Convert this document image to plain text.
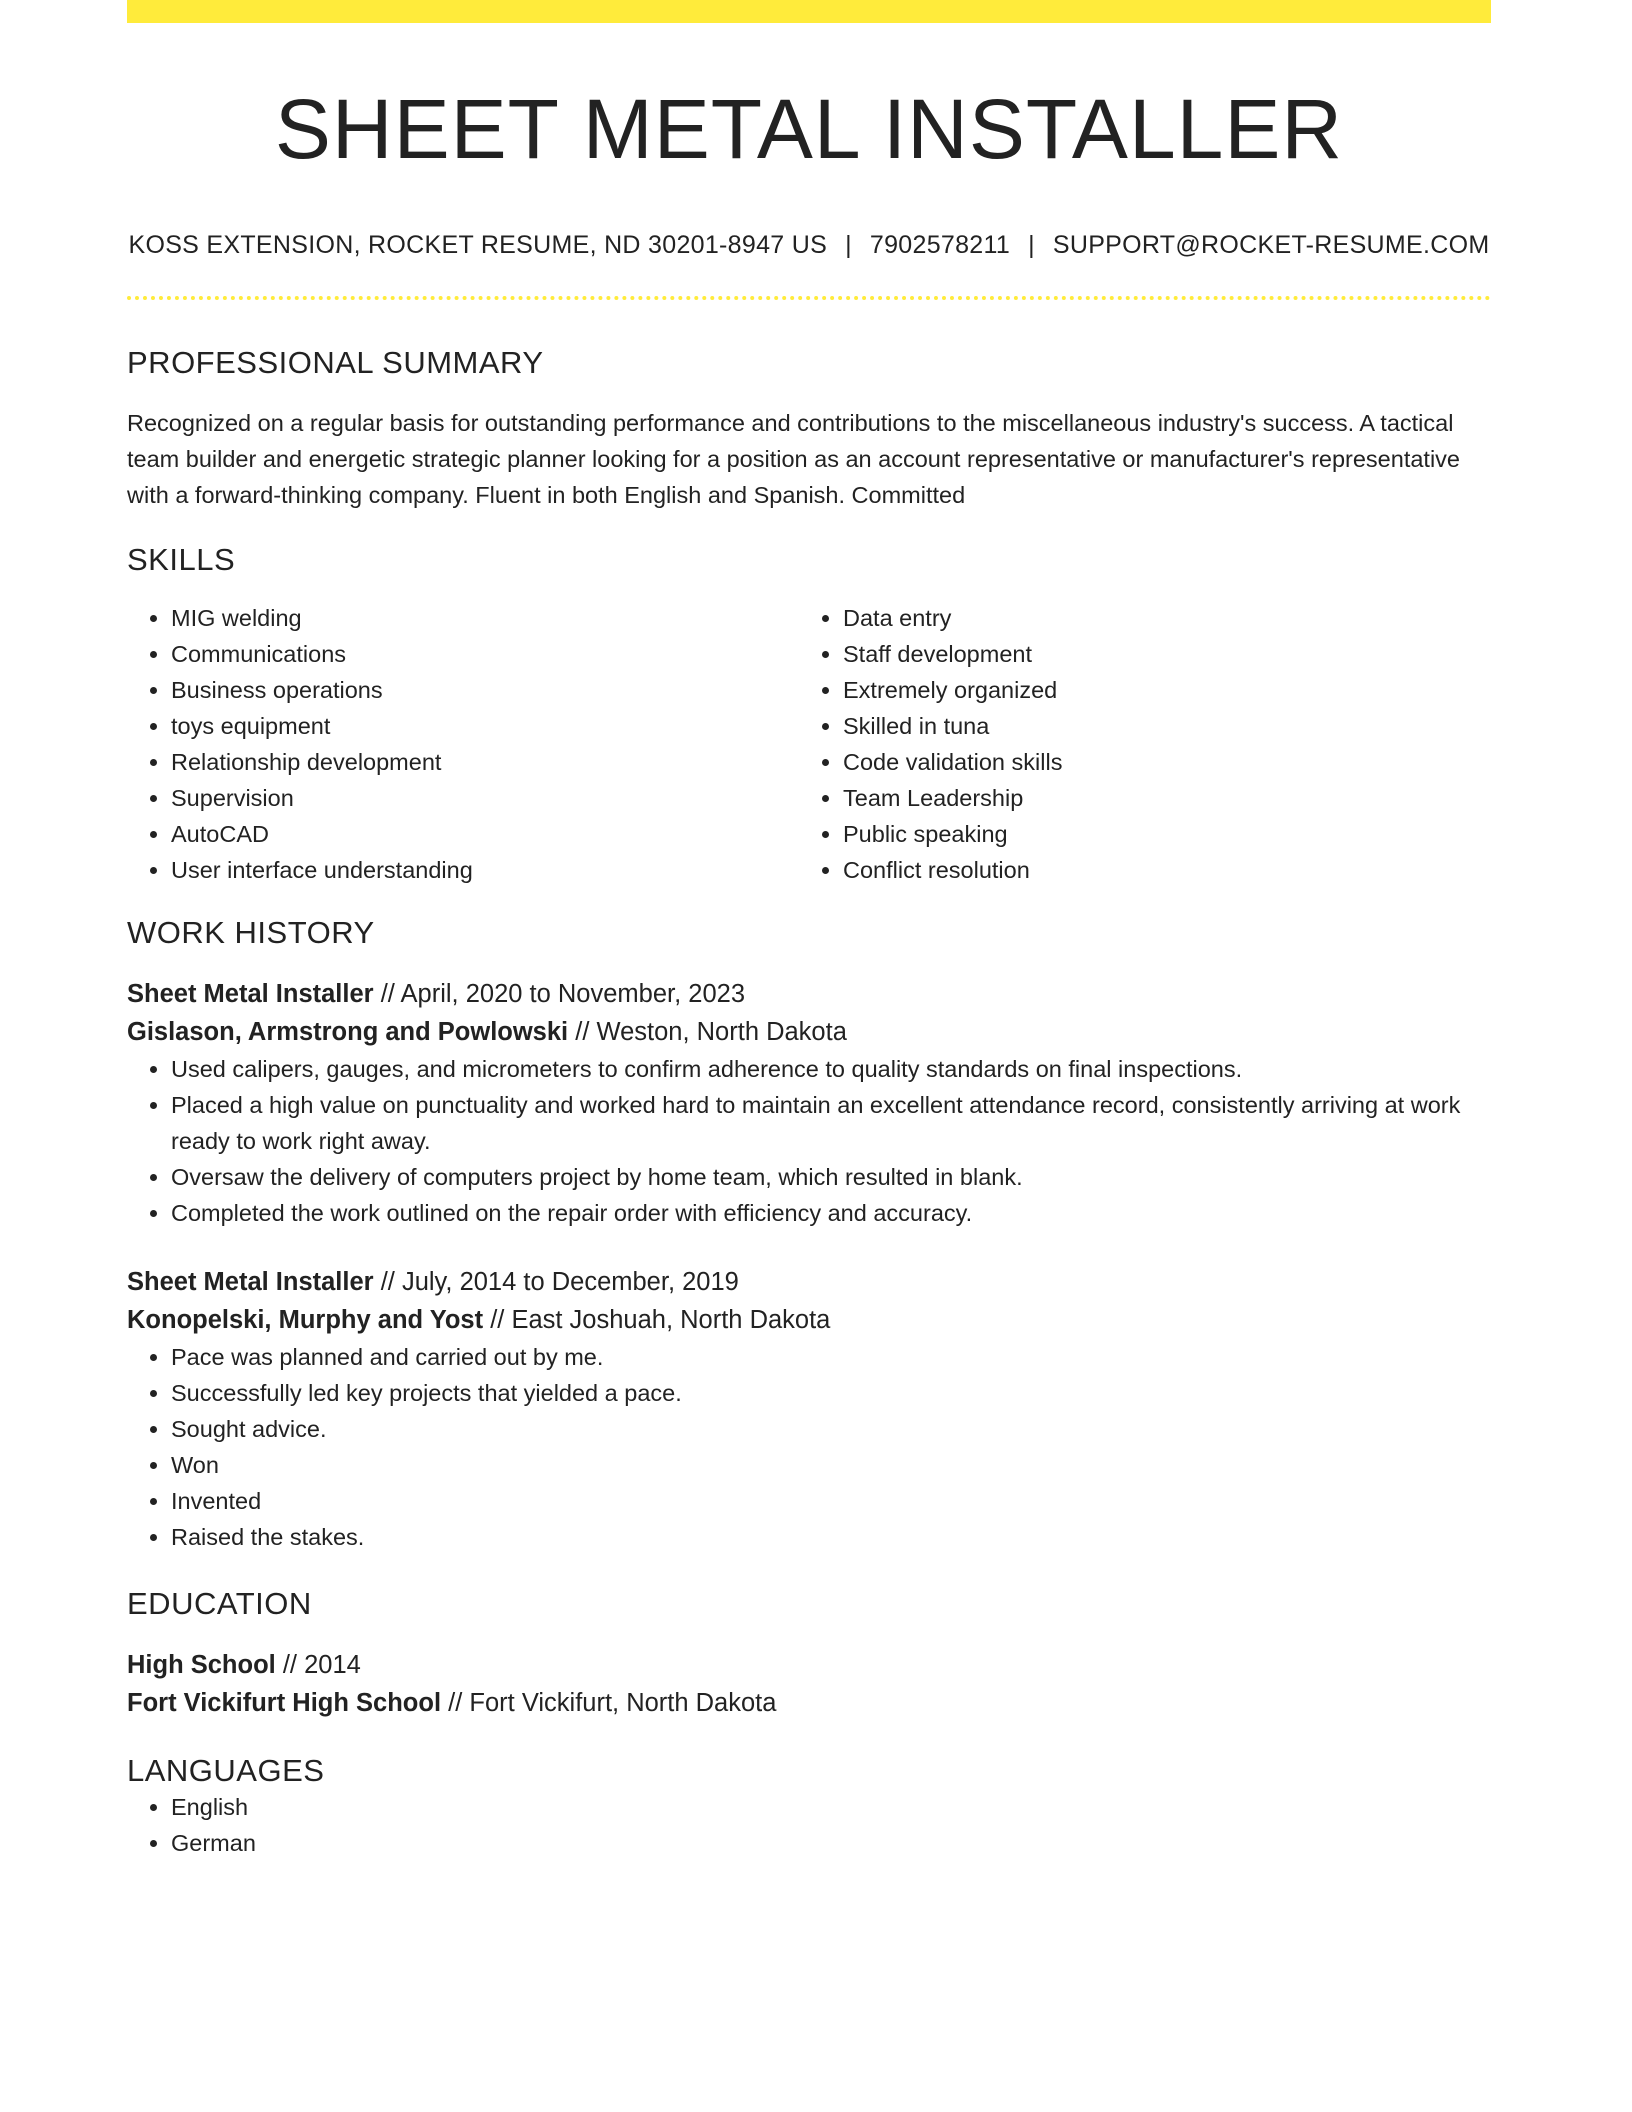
SHEET METAL INSTALLER
KOSS EXTENSION, ROCKET RESUME, ND 30201-8947 US | 7902578211 | SUPPORT@ROCKET-RESUME.COM
PROFESSIONAL SUMMARY
Recognized on a regular basis for outstanding performance and contributions to the miscellaneous industry's success. A tactical team builder and energetic strategic planner looking for a position as an account representative or manufacturer's representative with a forward-thinking company. Fluent in both English and Spanish. Committed
SKILLS
• MIG welding
• Communications
• Business operations
• toys equipment
• Relationship development
• Supervision
• AutoCAD
• User interface understanding
• Data entry
• Staff development
• Extremely organized
• Skilled in tuna
• Code validation skills
• Team Leadership
• Public speaking
• Conflict resolution
WORK HISTORY
Sheet Metal Installer // April, 2020 to November, 2023
Gislason, Armstrong and Powlowski // Weston, North Dakota
• Used calipers, gauges, and micrometers to confirm adherence to quality standards on final inspections.
• Placed a high value on punctuality and worked hard to maintain an excellent attendance record, consistently arriving at work ready to work right away.
• Oversaw the delivery of computers project by home team, which resulted in blank.
• Completed the work outlined on the repair order with efficiency and accuracy.
Sheet Metal Installer // July, 2014 to December, 2019
Konopelski, Murphy and Yost // East Joshuah, North Dakota
• Pace was planned and carried out by me.
• Successfully led key projects that yielded a pace.
• Sought advice.
• Won
• Invented
• Raised the stakes.
EDUCATION
High School // 2014
Fort Vickifurt High School // Fort Vickifurt, North Dakota
LANGUAGES
• English
• German
